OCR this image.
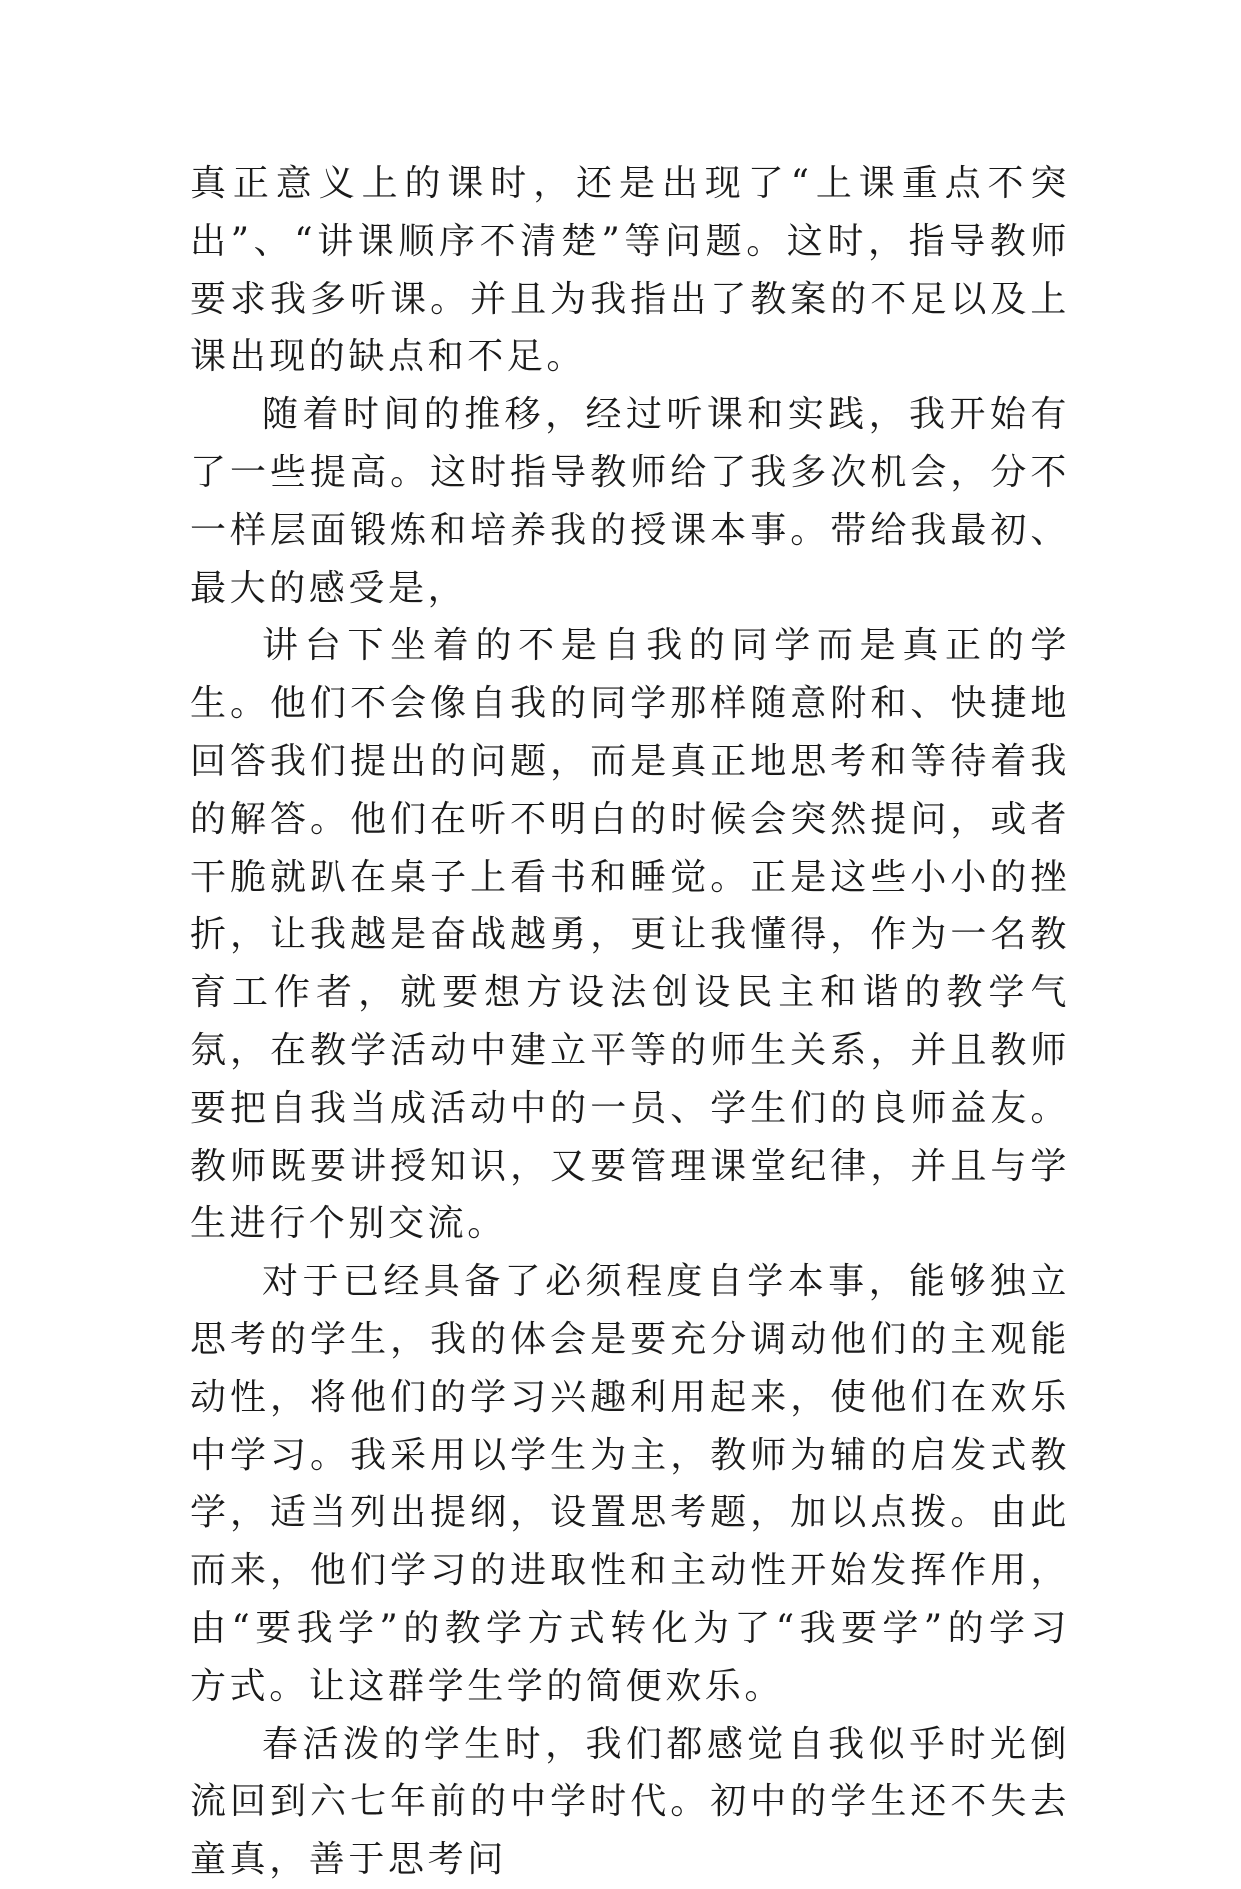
真正意义上的课时，还是出现了“上课重点不突出”、“讲课顺序不清楚”等问题。这时，指导教师要求我多听课。并且为我指出了教案的不足以及上课出现的缺点和不足。

随着时间的推移，经过听课和实践，我开始有了一些提高。这时指导教师给了我多次机会，分不一样层面锻炼和培养我的授课本事。带给我最初、最大的感受是，

讲台下坐着的不是自我的同学而是真正的学生。他们不会像自我的同学那样随意附和、快捷地回答我们提出的问题，而是真正地思考和等待着我的解答。他们在听不明白的时候会突然提问，或者干脆就趴在桌子上看书和睡觉。正是这些小小的挫折，让我越是奋战越勇，更让我懂得，作为一名教育工作者，就要想方设法创设民主和谐的教学气氛，在教学活动中建立平等的师生关系，并且教师要把自我当成活动中的一员、学生们的良师益友。教师既要讲授知识，又要管理课堂纪律，并且与学生进行个别交流。

对于已经具备了必须程度自学本事，能够独立思考的学生，我的体会是要充分调动他们的主观能动性，将他们的学习兴趣利用起来，使他们在欢乐中学习。我采用以学生为主，教师为辅的启发式教学，适当列出提纲，设置思考题，加以点拨。由此而来，他们学习的进取性和主动性开始发挥作用，由“要我学”的教学方式转化为了“我要学”的学习方式。让这群学生学的简便欢乐。

春活泼的学生时，我们都感觉自我似乎时光倒流回到六七年前的中学时代。初中的学生还不失去童真，善于思考问
